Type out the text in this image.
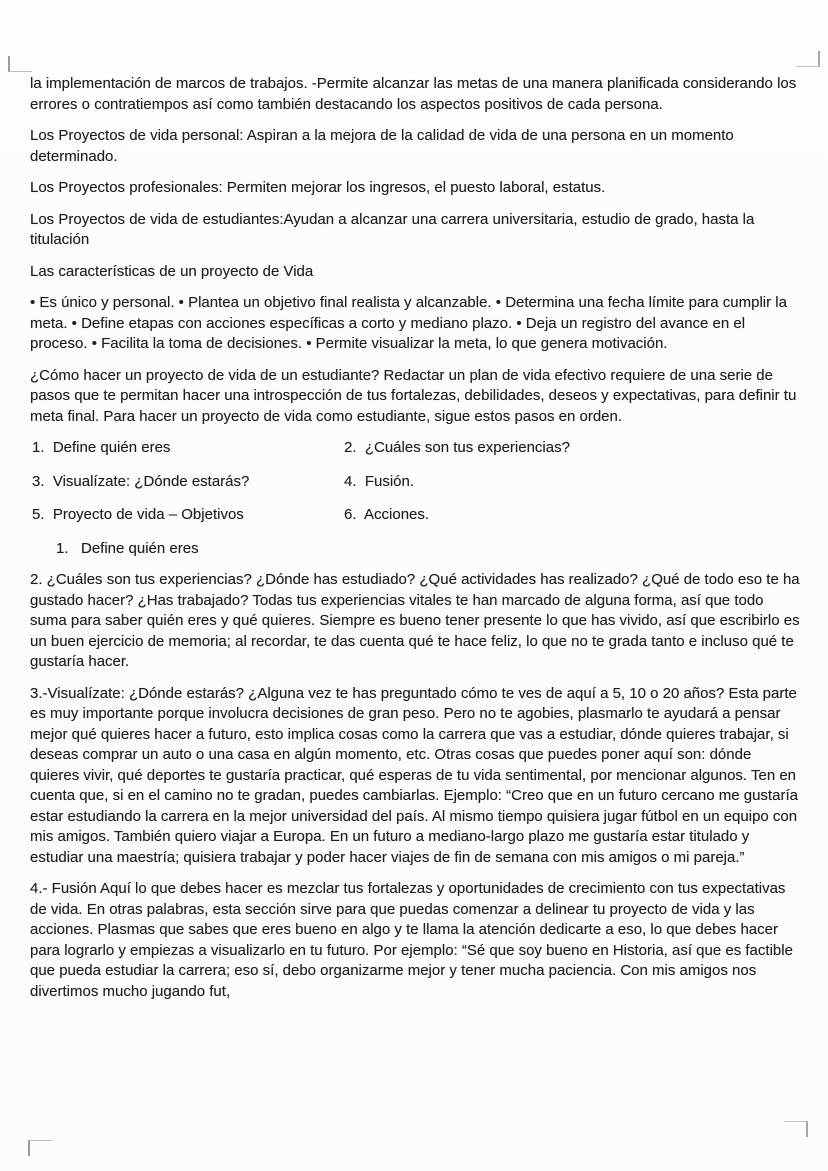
la implementación de marcos de trabajos. -Permite alcanzar las metas de una manera planificada considerando los errores o contratiempos así como también destacando los aspectos positivos de cada persona.

Los Proyectos de vida personal: Aspiran a la mejora de la calidad de vida de una persona en un momento determinado.

Los Proyectos profesionales: Permiten mejorar los ingresos, el puesto laboral, estatus.

Los Proyectos de vida de estudiantes:Ayudan a alcanzar una carrera universitaria, estudio de grado, hasta la titulación

Las características de un proyecto de Vida

• Es único y personal. • Plantea un objetivo final realista y alcanzable. • Determina una fecha límite para cumplir la meta. • Define etapas con acciones específicas a corto y mediano plazo. • Deja un registro del avance en el proceso. • Facilita la toma de decisiones. • Permite visualizar la meta, lo que genera motivación.

¿Cómo hacer un proyecto de vida de un estudiante? Redactar un plan de vida efectivo requiere de una serie de pasos que te permitan hacer una introspección de tus fortalezas, debilidades, deseos y expectativas, para definir tu meta final. Para hacer un proyecto de vida como estudiante, sigue estos pasos en orden.

1.  Define quién eres	2.  ¿Cuáles son tus experiencias?
3.  Visualízate: ¿Dónde estarás?	4.  Fusión.
5.  Proyecto de vida – Objetivos	6.  Acciones.

1.   Define quién eres

2. ¿Cuáles son tus experiencias? ¿Dónde has estudiado? ¿Qué actividades has realizado? ¿Qué de todo eso te ha gustado hacer? ¿Has trabajado? Todas tus experiencias vitales te han marcado de alguna forma, así que todo suma para saber quién eres y qué quieres. Siempre es bueno tener presente lo que has vivido, así que escribirlo es un buen ejercicio de memoria; al recordar, te das cuenta qué te hace feliz, lo que no te grada tanto e incluso qué te gustaría hacer.

3.-Visualízate: ¿Dónde estarás? ¿Alguna vez te has preguntado cómo te ves de aquí a 5, 10 o 20 años? Esta parte es muy importante porque involucra decisiones de gran peso. Pero no te agobies, plasmarlo te ayudará a pensar mejor qué quieres hacer a futuro, esto implica cosas como la carrera que vas a estudiar, dónde quieres trabajar, si deseas comprar un auto o una casa en algún momento, etc. Otras cosas que puedes poner aquí son: dónde quieres vivir, qué deportes te gustaría practicar, qué esperas de tu vida sentimental, por mencionar algunos. Ten en cuenta que, si en el camino no te gradan, puedes cambiarlas. Ejemplo: “Creo que en un futuro cercano me gustaría estar estudiando la carrera en la mejor universidad del país. Al mismo tiempo quisiera jugar fútbol en un equipo con mis amigos. También quiero viajar a Europa. En un futuro a mediano-largo plazo me gustaría estar titulado y estudiar una maestría; quisiera trabajar y poder hacer viajes de fin de semana con mis amigos o mi pareja.”

4.- Fusión Aquí lo que debes hacer es mezclar tus fortalezas y oportunidades de crecimiento con tus expectativas de vida. En otras palabras, esta sección sirve para que puedas comenzar a delinear tu proyecto de vida y las acciones. Plasmas que sabes que eres bueno en algo y te llama la atención dedicarte a eso, lo que debes hacer para lograrlo y empiezas a visualizarlo en tu futuro. Por ejemplo: “Sé que soy bueno en Historia, así que es factible que pueda estudiar la carrera; eso sí, debo organizarme mejor y tener mucha paciencia. Con mis amigos nos divertimos mucho jugando fut,
